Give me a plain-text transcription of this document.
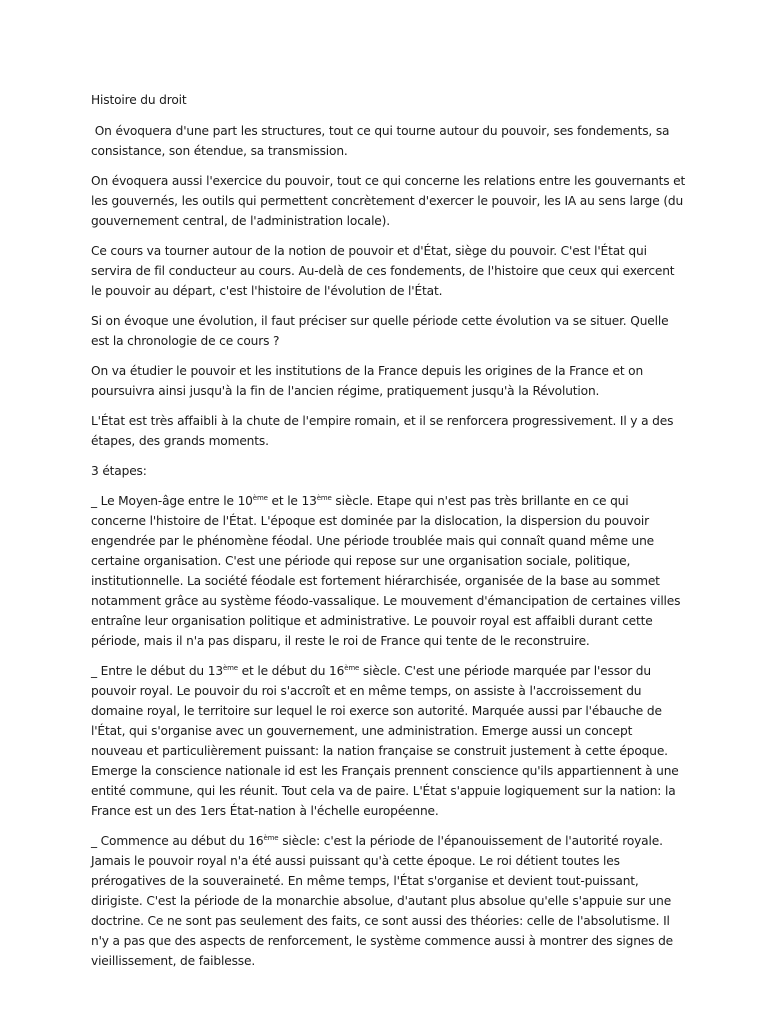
Histoire du droit

On évoquera d'une part les structures, tout ce qui tourne autour du pouvoir, ses fondements, sa consistance, son étendue, sa transmission.

On évoquera aussi l'exercice du pouvoir, tout ce qui concerne les relations entre les gouvernants et les gouvernés, les outils qui permettent concrètement d'exercer le pouvoir, les IA au sens large (du gouvernement central, de l'administration locale).

Ce cours va tourner autour de la notion de pouvoir et d'État, siège du pouvoir. C'est l'État qui servira de fil conducteur au cours. Au-delà de ces fondements, de l'histoire que ceux qui exercent le pouvoir au départ, c'est l'histoire de l'évolution de l'État.

Si on évoque une évolution, il faut préciser sur quelle période cette évolution va se situer. Quelle est la chronologie de ce cours ?

On va étudier le pouvoir et les institutions de la France depuis les origines de la France et on poursuivra ainsi jusqu'à la fin de l'ancien régime, pratiquement jusqu'à la Révolution.

L'État est très affaibli à la chute de l'empire romain, et il se renforcera progressivement. Il y a des étapes, des grands moments.

3 étapes:

_ Le Moyen-âge entre le 10ème et le 13ème siècle. Etape qui n'est pas très brillante en ce qui concerne l'histoire de l'État. L'époque est dominée par la dislocation, la dispersion du pouvoir engendrée par le phénomène féodal. Une période troublée mais qui connaît quand même une certaine organisation. C'est une période qui repose sur une organisation sociale, politique, institutionnelle. La société féodale est fortement hiérarchisée, organisée de la base au sommet notamment grâce au système féodo-vassalique. Le mouvement d'émancipation de certaines villes entraîne leur organisation politique et administrative. Le pouvoir royal est affaibli durant cette période, mais il n'a pas disparu, il reste le roi de France qui tente de le reconstruire.

_ Entre le début du 13ème et le début du 16ème siècle. C'est une période marquée par l'essor du pouvoir royal. Le pouvoir du roi s'accroît et en même temps, on assiste à l'accroissement du domaine royal, le territoire sur lequel le roi exerce son autorité. Marquée aussi par l'ébauche de l'État, qui s'organise avec un gouvernement, une administration. Emerge aussi un concept nouveau et particulièrement puissant: la nation française se construit justement à cette époque. Emerge la conscience nationale id est les Français prennent conscience qu'ils appartiennent à une entité commune, qui les réunit. Tout cela va de paire. L'État s'appuie logiquement sur la nation: la France est un des 1ers État-nation à l'échelle européenne.

_ Commence au début du 16ème siècle: c'est la période de l'épanouissement de l'autorité royale. Jamais le pouvoir royal n'a été aussi puissant qu'à cette époque. Le roi détient toutes les prérogatives de la souveraineté. En même temps, l'État s'organise et devient tout-puissant, dirigiste. C'est la période de la monarchie absolue, d'autant plus absolue qu'elle s'appuie sur une doctrine. Ce ne sont pas seulement des faits, ce sont aussi des théories: celle de l'absolutisme. Il n'y a pas que des aspects de renforcement, le système commence aussi à montrer des signes de vieillissement, de faiblesse.
